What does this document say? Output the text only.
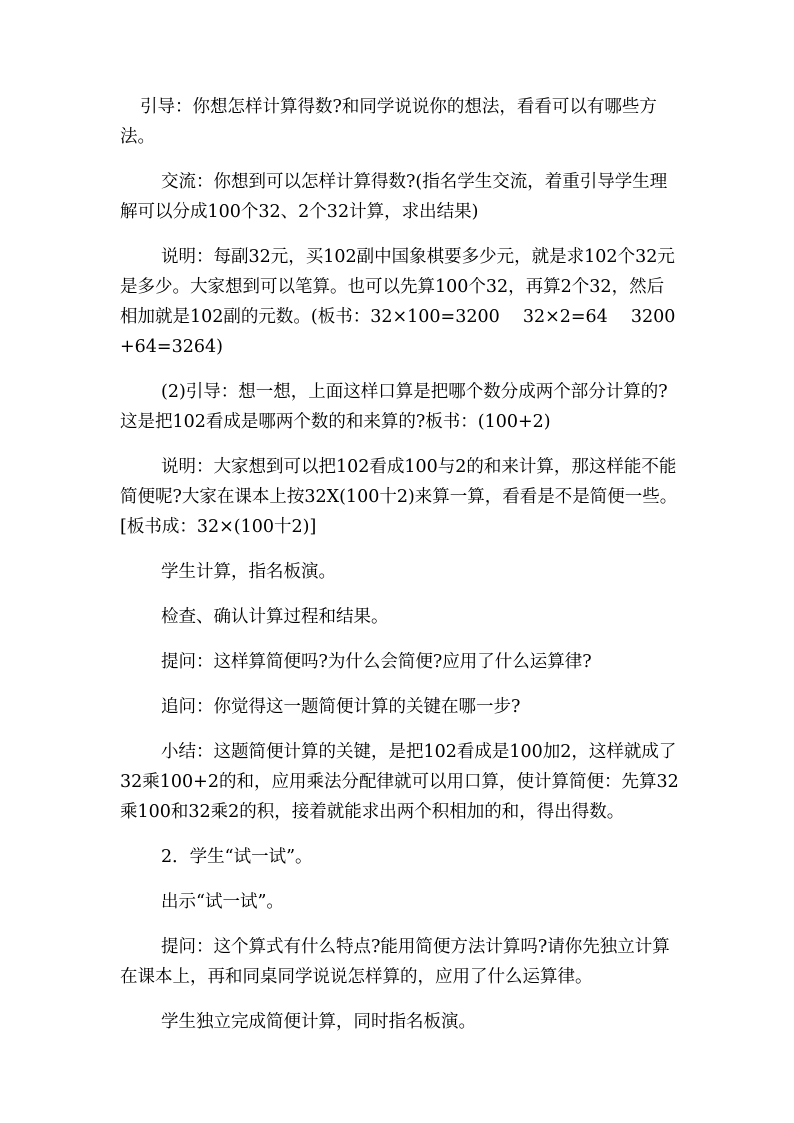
引导：你想怎样计算得数?和同学说说你的想法，看看可以有哪些方法。

交流：你想到可以怎样计算得数?(指名学生交流，着重引导学生理解可以分成100个32、2个32计算，求出结果)

说明：每副32元，买102副中国象棋要多少元，就是求102个32元是多少。大家想到可以笔算。也可以先算100个32，再算2个32，然后相加就是102副的元数。(板书：32×100=3200　 32×2=64　 3200+64=3264)

(2)引导：想一想，上面这样口算是把哪个数分成两个部分计算的?这是把102看成是哪两个数的和来算的?板书：(100+2)

说明：大家想到可以把102看成100与2的和来计算，那这样能不能简便呢?大家在课本上按32X(100十2)来算一算，看看是不是简便一些。[板书成：32×(100十2)]

学生计算，指名板演。

检查、确认计算过程和结果。

提问：这样算简便吗?为什么会简便?应用了什么运算律?

追问：你觉得这一题简便计算的关键在哪一步?

小结：这题简便计算的关键，是把102看成是100加2，这样就成了32乘100+2的和，应用乘法分配律就可以用口算，使计算简便：先算32乘100和32乘2的积，接着就能求出两个积相加的和，得出得数。

2．学生“试一试”。

出示“试一试”。

提问：这个算式有什么特点?能用简便方法计算吗?请你先独立计算在课本上，再和同桌同学说说怎样算的，应用了什么运算律。

学生独立完成简便计算，同时指名板演。
